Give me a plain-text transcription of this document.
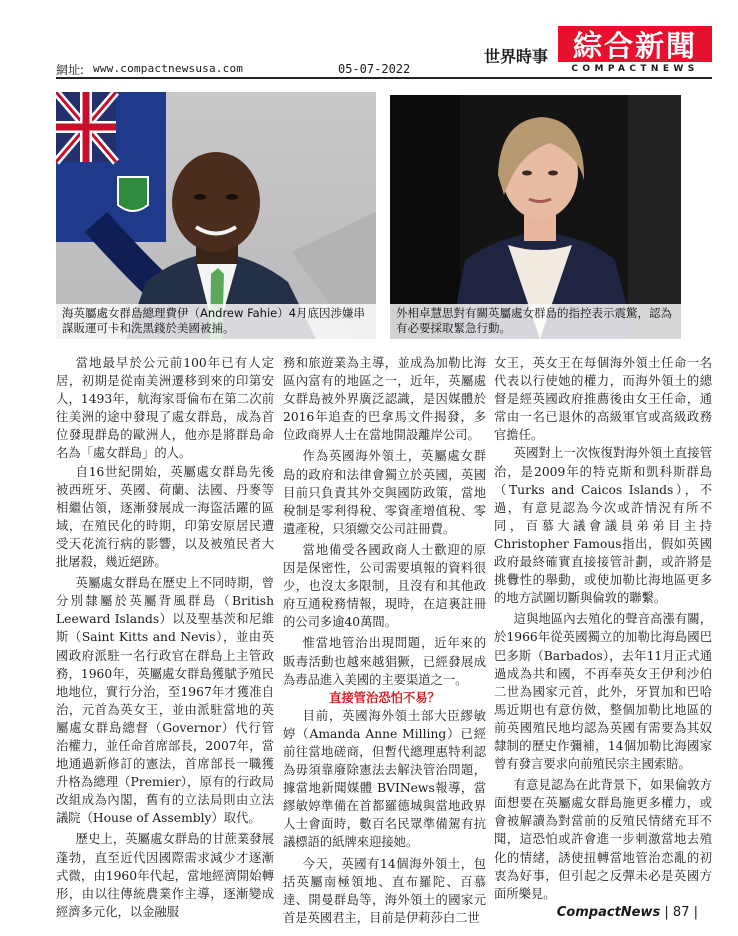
網址: www.compactnewsusa.com	05-07-2022
世界時事 綜合新聞
COMPACTNEWS
海英屬處女群島總理費伊（Andrew Fahie）4月底因涉嫌串謀販運可卡和洗黑錢於美國被捕。
外相卓慧思對有關英屬處女群島的指控表示震驚，認為有必要採取緊急行動。

當地最早於公元前100年已有人定居，初期是從南美洲遷移到來的印第安人，1493年，航海家哥倫布在第二次前往美洲的途中發現了處女群島，成為首位發現群島的歐洲人，他亦是將群島命名為「處女群島」的人。

自16世紀開始，英屬處女群島先後被西班牙、英國、荷蘭、法國、丹麥等相繼佔領，逐漸發展成一海盜活躍的區域，在殖民化的時期，印第安原居民遭受天花流行病的影響，以及被殖民者大批屠殺，幾近絕跡。

英屬處女群島在歷史上不同時期，曾分別隸屬於英屬背風群島（British Leeward Islands）以及聖基茨和尼維斯（Saint Kitts and Nevis），並由英國政府派駐一名行政官在群島上主管政務，1960年，英屬處女群島獲賦予殖民地地位，實行分治，至1967年才獲准自治，元首為英女王，並由派駐當地的英屬處女群島總督（Governor）代行管治權力，並任命首席部長，2007年，當地通過新修訂的憲法，首席部長一職獲升格為總理（Premier），原有的行政局改組成為內閣，舊有的立法局則由立法議院（House of Assembly）取代。

歷史上，英屬處女群島的甘蔗業發展蓬勃，直至近代因國際需求減少才逐漸式微，由1960年代起，當地經濟開始轉形，由以往傳統農業作主導，逐漸變成經濟多元化，以金融服

務和旅遊業為主導，並成為加勒比海區內富有的地區之一，近年，英屬處女群島被外界廣泛認識，是因媒體於2016年追查的巴拿馬文件揭發，多位政商界人士在當地開設離岸公司。

作為英國海外領土，英屬處女群島的政府和法律會獨立於英國，英國目前只負責其外交與國防政策，當地稅制是零利得稅、零資產增值稅、零遺產稅，只須繳交公司註冊費。

當地備受各國政商人士歡迎的原因是保密性，公司需要填報的資料很少，也沒太多限制，且沒有和其他政府互通稅務情報，現時，在這裏註冊的公司多逾40萬間。

惟當地管治出現問題，近年來的販毒活動也越來越猖獗，已經發展成為毒品進入美國的主要渠道之一。

直接管治恐怕不易？

目前，英國海外領土部大臣繆敏婷（Amanda Anne Milling）已經前往當地磋商，但暫代總理惠特利認為毋須靠廢除憲法去解決管治問題，據當地新聞媒體 BVINews報導，當繆敏婷準備在首都羅德城與當地政界人士會面時，數百名民眾準備駕有抗議標語的紙牌來迎接她。

今天，英國有14個海外領土，包括英屬南極領地、直布羅陀、百慕達、開曼群島等，海外領土的國家元首是英國君主，目前是伊莉莎白二世

女王，英女王在每個海外領土任命一名代表以行使她的權力，而海外領土的總督是經英國政府推薦後由女王任命，通常由一名已退休的高級軍官或高級政務官擔任。

英國對上一次恢復對海外領土直接管治，是2009年的特克斯和凱科斯群島（Turks and Caicos Islands），不過，有意見認為今次或許情況有所不同，百慕大議會議員弟弟目主持Christopher Famous指出，假如英國政府最終確實直接接管計劃，或許將是挑釁性的舉動，或使加勒比海地區更多的地方試圖切斷與倫敦的聯繫。

這與地區內去殖化的聲音高漲有關，於1966年從英國獨立的加勒比海島國巴巴多斯（Barbados），去年11月正式通過成為共和國，不再奉英女王伊利沙伯二世為國家元首，此外，牙買加和巴哈馬近期也有意仿傚，整個加勒比地區的前英國殖民地均認為英國有需要為其奴隸制的歷史作彌補，14個加勒比海國家曾有發言要求向前殖民宗主國索賠。

有意見認為在此背景下，如果倫敦方面想要在英屬處女群島施更多權力，或會被解讀為對當前的反殖民情緒充耳不聞，這恐怕或許會進一步刺激當地去殖化的情緒，誘使扭轉當地管治恋亂的初衷為好事，但引起之反彈未必是英國方面所樂見。

CompactNews | 87 |
